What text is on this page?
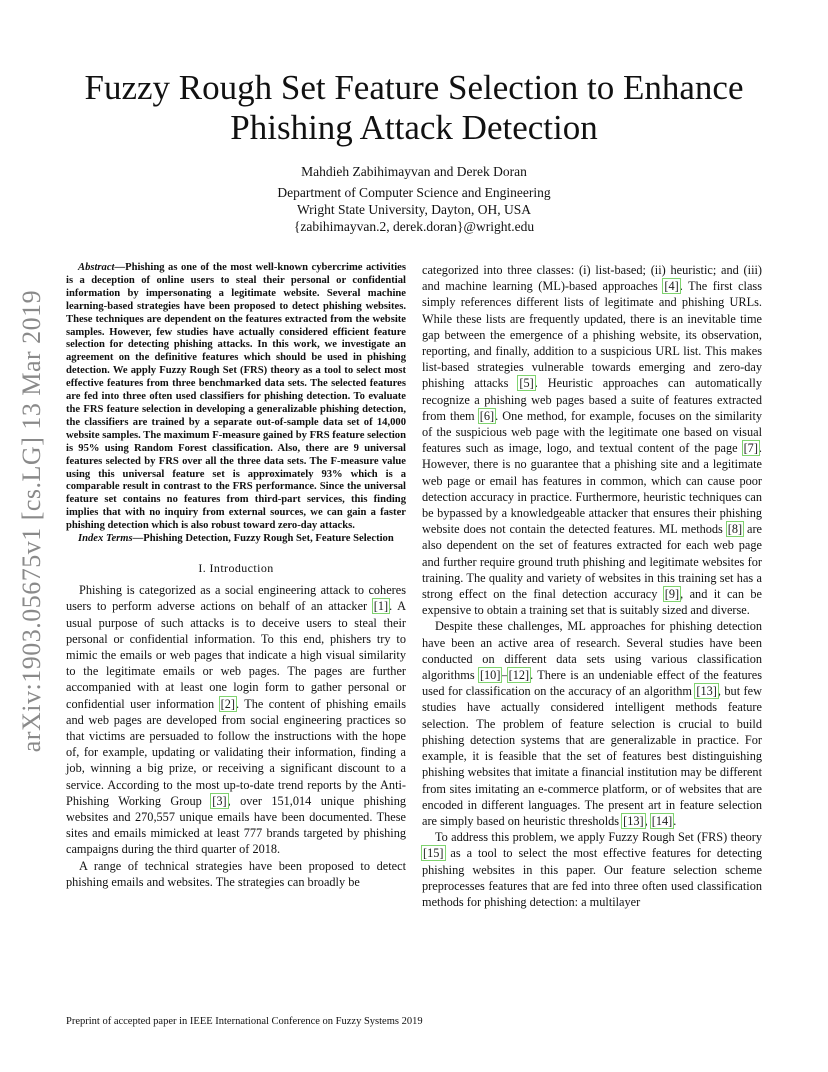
arXiv:1903.05675v1 [cs.LG] 13 Mar 2019
Fuzzy Rough Set Feature Selection to Enhance Phishing Attack Detection
Mahdieh Zabihimayvan and Derek Doran
Department of Computer Science and Engineering
Wright State University, Dayton, OH, USA
{zabihimayvan.2, derek.doran}@wright.edu

Abstract—Phishing as one of the most well-known cybercrime activities is a deception of online users to steal their personal or confidential information by impersonating a legitimate website. Several machine learning-based strategies have been proposed to detect phishing websites. These techniques are dependent on the features extracted from the website samples. However, few studies have actually considered efficient feature selection for detecting phishing attacks. In this work, we investigate an agreement on the definitive features which should be used in phishing detection. We apply Fuzzy Rough Set (FRS) theory as a tool to select most effective features from three benchmarked data sets. The selected features are fed into three often used classifiers for phishing detection. To evaluate the FRS feature selection in developing a generalizable phishing detection, the classifiers are trained by a separate out-of-sample data set of 14,000 website samples. The maximum F-measure gained by FRS feature selection is 95% using Random Forest classification. Also, there are 9 universal features selected by FRS over all the three data sets. The F-measure value using this universal feature set is approximately 93% which is a comparable result in contrast to the FRS performance. Since the universal feature set contains no features from third-part services, this finding implies that with no inquiry from external sources, we can gain a faster phishing detection which is also robust toward zero-day attacks.

Index Terms—Phishing Detection, Fuzzy Rough Set, Feature Selection

I. Introduction

Phishing is categorized as a social engineering attack to coheres users to perform adverse actions on behalf of an attacker [1]. A usual purpose of such attacks is to deceive users to steal their personal or confidential information. To this end, phishers try to mimic the emails or web pages that indicate a high visual similarity to the legitimate emails or web pages. The pages are further accompanied with at least one login form to gather personal or confidential user information [2]. The content of phishing emails and web pages are developed from social engineering practices so that victims are persuaded to follow the instructions with the hope of, for example, updating or validating their information, finding a job, winning a big prize, or receiving a significant discount to a service. According to the most up-to-date trend reports by the Anti-Phishing Working Group [3], over 151,014 unique phishing websites and 270,557 unique emails have been documented. These sites and emails mimicked at least 777 brands targeted by phishing campaigns during the third quarter of 2018.

A range of technical strategies have been proposed to detect phishing emails and websites. The strategies can broadly be

categorized into three classes: (i) list-based; (ii) heuristic; and (iii) and machine learning (ML)-based approaches [4]. The first class simply references different lists of legitimate and phishing URLs. While these lists are frequently updated, there is an inevitable time gap between the emergence of a phishing website, its observation, reporting, and finally, addition to a suspicious URL list. This makes list-based strategies vulnerable towards emerging and zero-day phishing attacks [5]. Heuristic approaches can automatically recognize a phishing web pages based a suite of features extracted from them [6]. One method, for example, focuses on the similarity of the suspicious web page with the legitimate one based on visual features such as image, logo, and textual content of the page [7]. However, there is no guarantee that a phishing site and a legitimate web page or email has features in common, which can cause poor detection accuracy in practice. Furthermore, heuristic techniques can be bypassed by a knowledgeable attacker that ensures their phishing website does not contain the detected features. ML methods [8] are also dependent on the set of features extracted for each web page and further require ground truth phishing and legitimate websites for training. The quality and variety of websites in this training set has a strong effect on the final detection accuracy [9], and it can be expensive to obtain a training set that is suitably sized and diverse.

Despite these challenges, ML approaches for phishing detection have been an active area of research. Several studies have been conducted on different data sets using various classification algorithms [10]–[12]. There is an undeniable effect of the features used for classification on the accuracy of an algorithm [13], but few studies have actually considered intelligent methods feature selection. The problem of feature selection is crucial to build phishing detection systems that are generalizable in practice. For example, it is feasible that the set of features best distinguishing phishing websites that imitate a financial institution may be different from sites imitating an e-commerce platform, or of websites that are encoded in different languages. The present art in feature selection are simply based on heuristic thresholds [13], [14].

To address this problem, we apply Fuzzy Rough Set (FRS) theory [15] as a tool to select the most effective features for detecting phishing websites in this paper. Our feature selection scheme preprocesses features that are fed into three often used classification methods for phishing detection: a multilayer

Preprint of accepted paper in IEEE International Conference on Fuzzy Systems 2019
